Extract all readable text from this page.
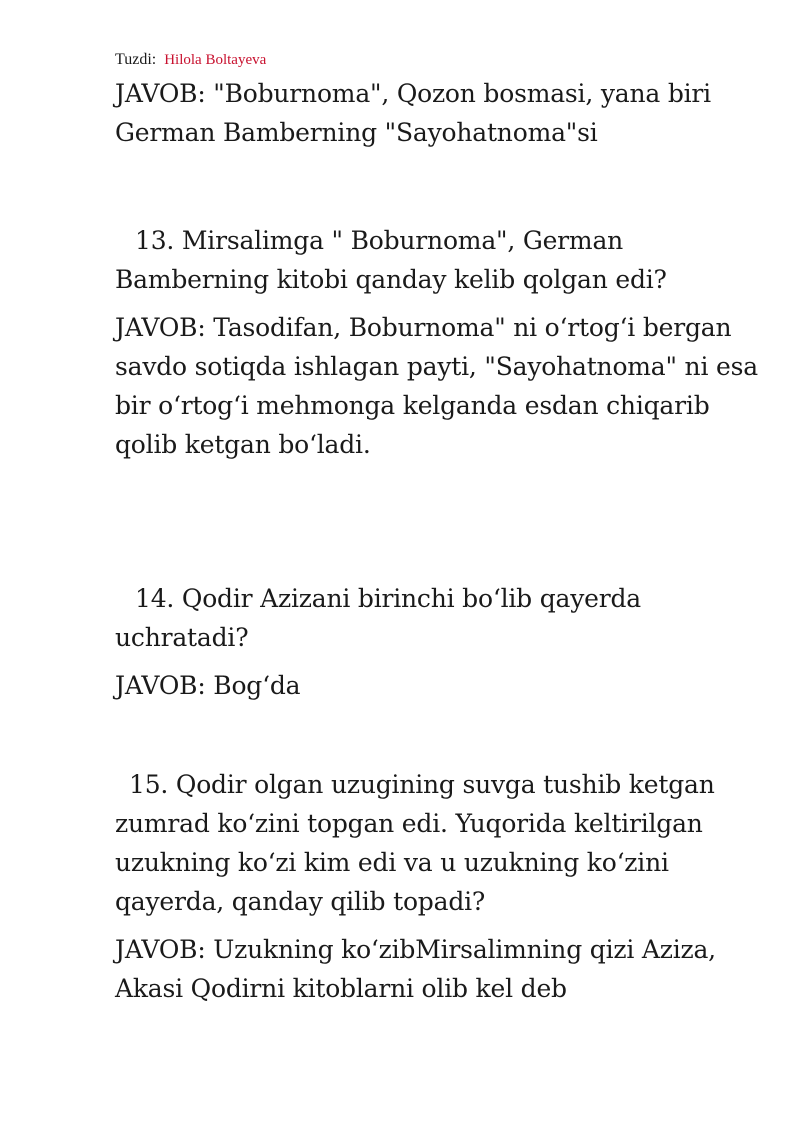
Tuzdi: Hilola Boltayeva

JAVOB: "Boburnoma", Qozon bosmasi, yana biri German Bamberning "Sayohatnoma"si

13. Mirsalimga " Boburnoma", German Bamberning kitobi qanday kelib qolgan edi?

JAVOB: Tasodifan, Boburnoma" ni oʻrtogʻi bergan savdo sotiqda ishlagan payti, "Sayohatnoma" ni esa bir oʻrtogʻi mehmonga kelganda esdan chiqarib qolib ketgan boʻladi.

14. Qodir Azizani birinchi boʻlib qayerda uchratadi?

JAVOB: Bogʻda

15. Qodir olgan uzugining suvga tushib ketgan zumrad koʻzini topgan edi. Yuqorida keltirilgan uzukning koʻzi kim edi va u uzukning koʻzini qayerda, qanday qilib topadi?

JAVOB: Uzukning koʻzibMirsalimning qizi Aziza, Akasi Qodirni kitoblarni olib kel deb
